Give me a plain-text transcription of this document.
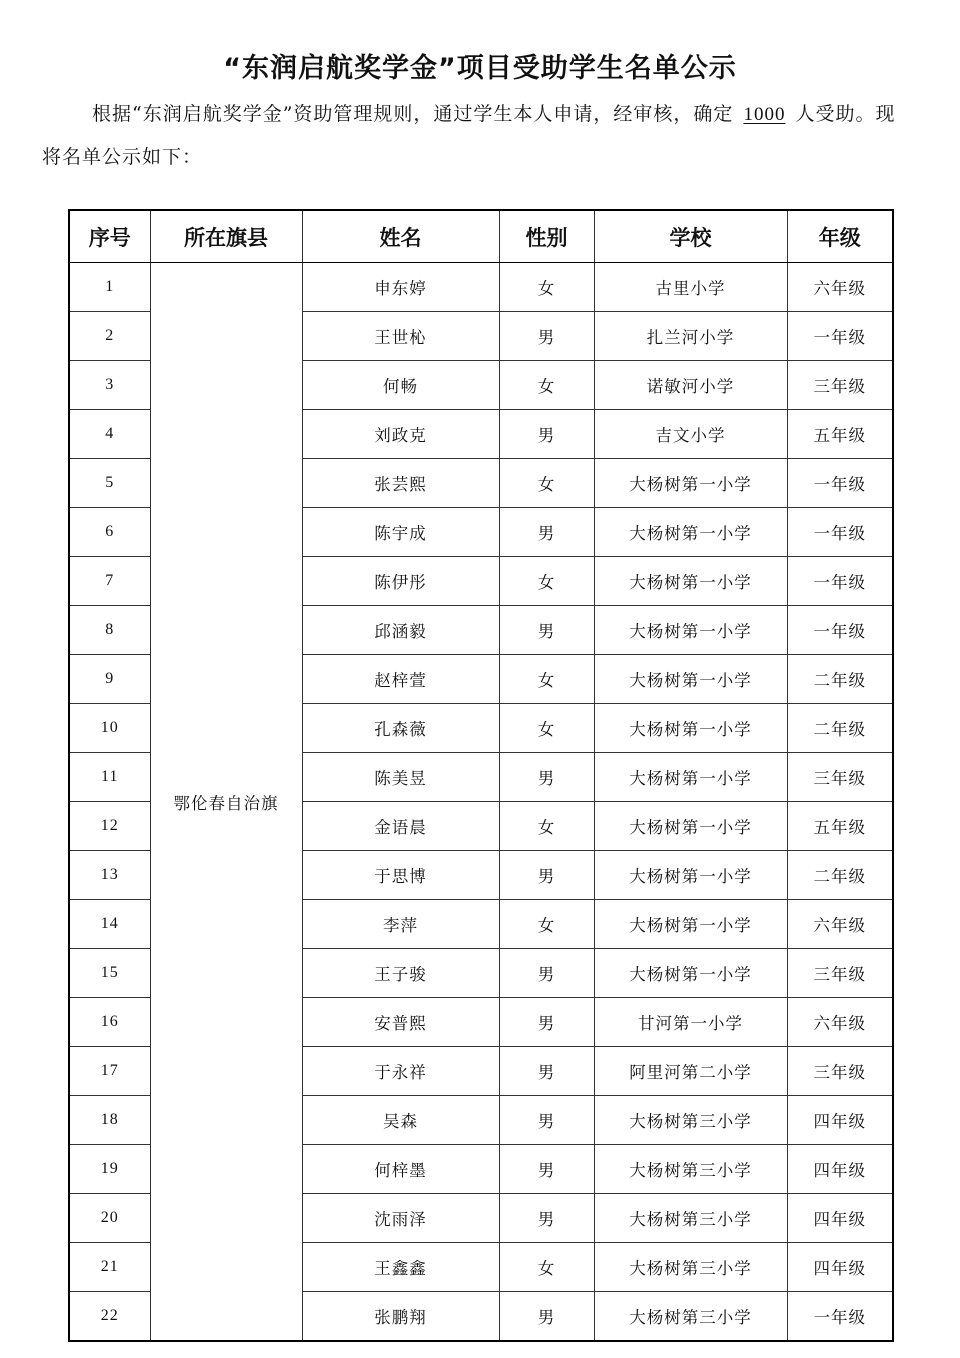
“东润启航奖学金”项目受助学生名单公示

根据“东润启航奖学金”资助管理规则，通过学生本人申请，经审核，确定 1000 人受助。现将名单公示如下：

序号	所在旗县	姓名	性别	学校	年级
1	鄂伦春自治旗	申东婷	女	古里小学	六年级
2		王世杺	男	扎兰河小学	一年级
3		何畅	女	诺敏河小学	三年级
4		刘政克	男	吉文小学	五年级
5		张芸熙	女	大杨树第一小学	一年级
6		陈宇成	男	大杨树第一小学	一年级
7		陈伊彤	女	大杨树第一小学	一年级
8		邱涵毅	男	大杨树第一小学	一年级
9		赵梓萱	女	大杨树第一小学	二年级
10		孔森薇	女	大杨树第一小学	二年级
11		陈美昱	男	大杨树第一小学	三年级
12		金语晨	女	大杨树第一小学	五年级
13		于思博	男	大杨树第一小学	二年级
14		李萍	女	大杨树第一小学	六年级
15		王子骏	男	大杨树第一小学	三年级
16		安普熙	男	甘河第一小学	六年级
17		于永祥	男	阿里河第二小学	三年级
18		吴森	男	大杨树第三小学	四年级
19		何梓墨	男	大杨树第三小学	四年级
20		沈雨泽	男	大杨树第三小学	四年级
21		王鑫鑫	女	大杨树第三小学	四年级
22		张鹏翔	男	大杨树第三小学	一年级
